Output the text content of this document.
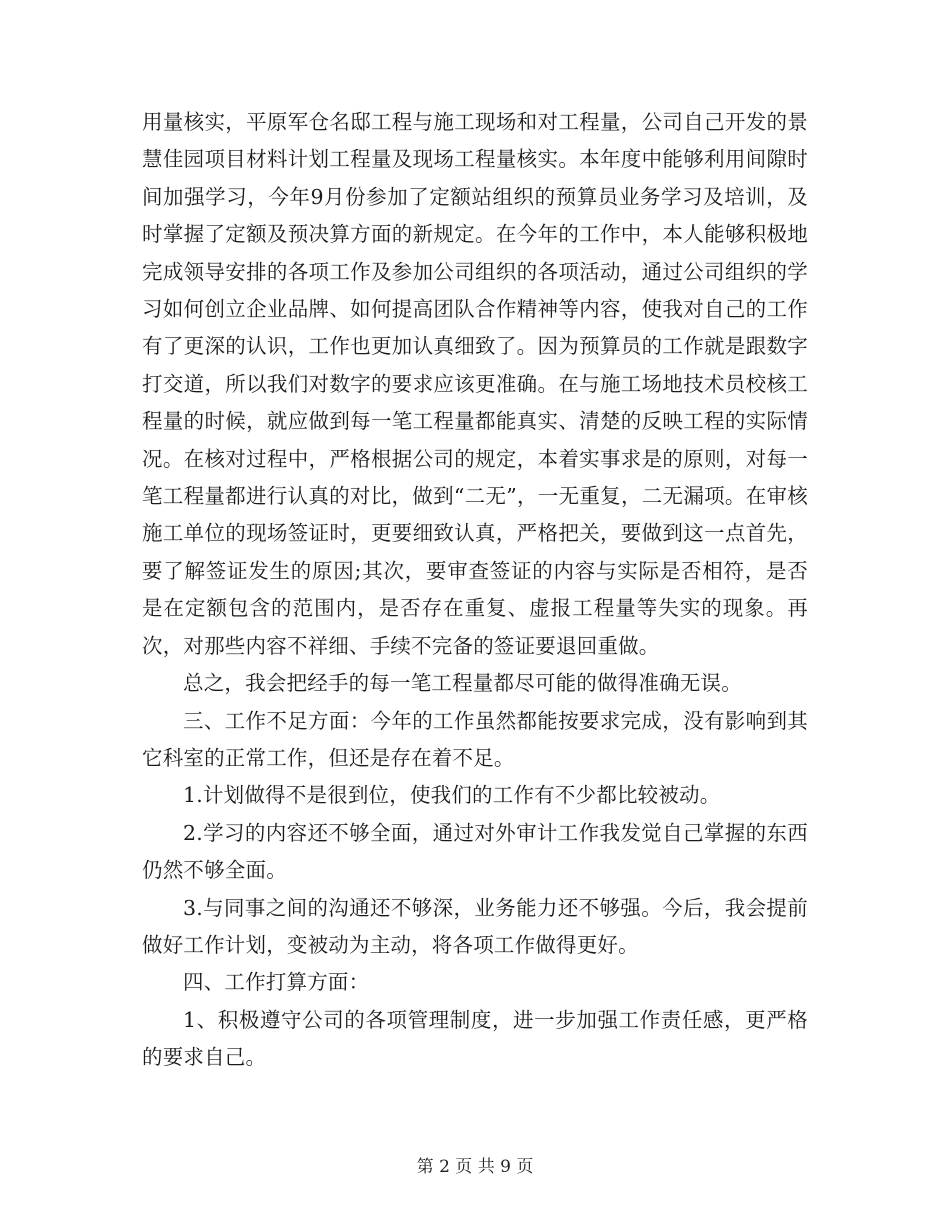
用量核实，平原军仓名邸工程与施工现场和对工程量，公司自己开发的景慧佳园项目材料计划工程量及现场工程量核实。本年度中能够利用间隙时间加强学习，今年9月份参加了定额站组织的预算员业务学习及培训，及时掌握了定额及预决算方面的新规定。在今年的工作中，本人能够积极地完成领导安排的各项工作及参加公司组织的各项活动，通过公司组织的学习如何创立企业品牌、如何提高团队合作精神等内容，使我对自己的工作有了更深的认识，工作也更加认真细致了。因为预算员的工作就是跟数字打交道，所以我们对数字的要求应该更准确。在与施工场地技术员校核工程量的时候，就应做到每一笔工程量都能真实、清楚的反映工程的实际情况。在核对过程中，严格根据公司的规定，本着实事求是的原则，对每一笔工程量都进行认真的对比，做到“二无”，一无重复，二无漏项。在审核施工单位的现场签证时，更要细致认真，严格把关，要做到这一点首先，要了解签证发生的原因;其次，要审查签证的内容与实际是否相符，是否是在定额包含的范围内，是否存在重复、虚报工程量等失实的现象。再次，对那些内容不祥细、手续不完备的签证要退回重做。

总之，我会把经手的每一笔工程量都尽可能的做得准确无误。

三、工作不足方面：今年的工作虽然都能按要求完成，没有影响到其它科室的正常工作，但还是存在着不足。

1.计划做得不是很到位，使我们的工作有不少都比较被动。

2.学习的内容还不够全面，通过对外审计工作我发觉自己掌握的东西仍然不够全面。

3.与同事之间的沟通还不够深，业务能力还不够强。今后，我会提前做好工作计划，变被动为主动，将各项工作做得更好。

四、工作打算方面：

1、积极遵守公司的各项管理制度，进一步加强工作责任感，更严格的要求自己。

第 2 页 共 9 页
